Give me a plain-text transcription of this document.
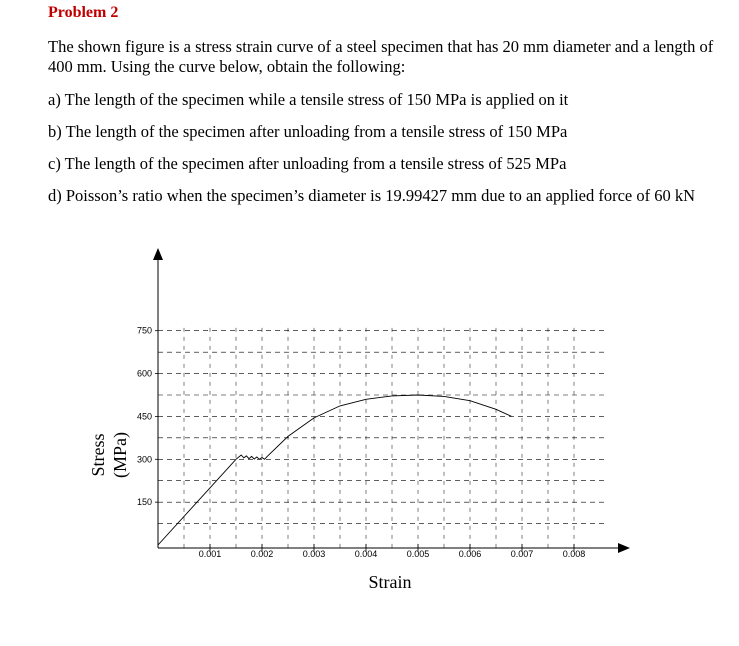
Problem 2

The shown figure is a stress strain curve of a steel specimen that has 20 mm diameter and a length of 400 mm. Using the curve below, obtain the following:

a) The length of the specimen while a tensile stress of 150 MPa is applied on it

b) The length of the specimen after unloading from a tensile stress of 150 MPa

c) The length of the specimen after unloading from a tensile stress of 525 MPa

d) Poisson’s ratio when the specimen’s diameter is 19.99427 mm due to an applied force of 60 kN

150
300
450
600
750
0.001	0.002	0.003	0.004	0.005	0.006	0.007	0.008
Strain
Stress (MPa)
